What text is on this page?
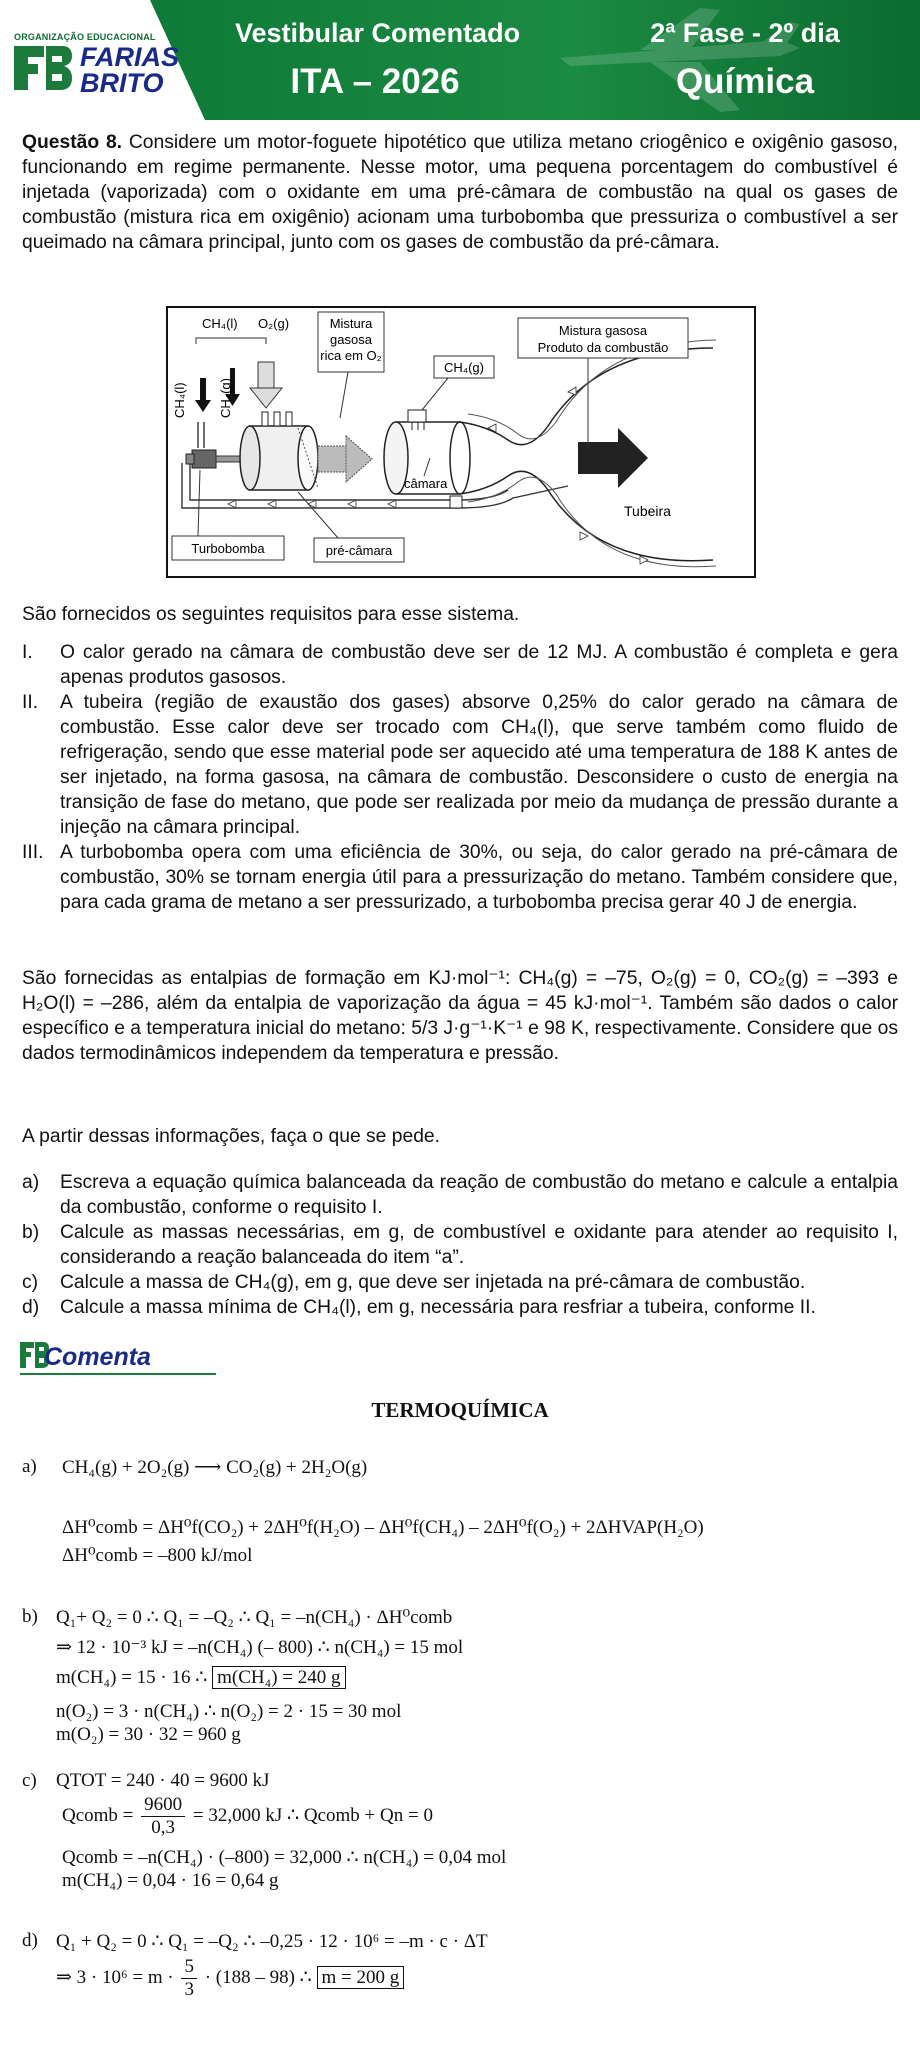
ORGANIZAÇÃO EDUCACIONAL
FARIAS
BRITO
Vestibular Comentado
ITA – 2026
2ª Fase - 2º dia
Química
Questão 8. Considere um motor-foguete hipotético que utiliza metano criogênico e oxigênio gasoso, funcionando em regime permanente. Nesse motor, uma pequena porcentagem do combustível é injetada (vaporizada) com o oxidante em uma pré-câmara de combustão na qual os gases de combustão (mistura rica em oxigênio) acionam uma turbobomba que pressuriza o combustível a ser queimado na câmara principal, junto com os gases de combustão da pré-câmara.
CH₄(l) O₂(g)
CH₄(l) CH₄(g)
Mistura
gasosa
rica em O₂
CH₄(g)
Mistura gasosa
Produto da combustão
câmara
Tubeira
Turbobomba	pré-câmara
São fornecidos os seguintes requisitos para esse sistema.
I. O calor gerado na câmara de combustão deve ser de 12 MJ. A combustão é completa e gera apenas produtos gasosos.
II. A tubeira (região de exaustão dos gases) absorve 0,25% do calor gerado na câmara de combustão. Esse calor deve ser trocado com CH₄(l), que serve também como fluido de refrigeração, sendo que esse material pode ser aquecido até uma temperatura de 188 K antes de ser injetado, na forma gasosa, na câmara de combustão. Desconsidere o custo de energia na transição de fase do metano, que pode ser realizada por meio da mudança de pressão durante a injeção na câmara principal.
III. A turbobomba opera com uma eficiência de 30%, ou seja, do calor gerado na pré-câmara de combustão, 30% se tornam energia útil para a pressurização do metano. Também considere que, para cada grama de metano a ser pressurizado, a turbobomba precisa gerar 40 J de energia.
São fornecidas as entalpias de formação em KJ·mol⁻¹: CH₄(g) = –75, O₂(g) = 0, CO₂(g) = –393 e H₂O(l) = –286, além da entalpia de vaporização da água = 45 kJ·mol⁻¹. Também são dados o calor específico e a temperatura inicial do metano: 5/3 J·g⁻¹·K⁻¹ e 98 K, respectivamente. Considere que os dados termodinâmicos independem da temperatura e pressão.
A partir dessas informações, faça o que se pede.
a) Escreva a equação química balanceada da reação de combustão do metano e calcule a entalpia da combustão, conforme o requisito I.
b) Calcule as massas necessárias, em g, de combustível e oxidante para atender ao requisito I, considerando a reação balanceada do item “a”.
c) Calcule a massa de CH₄(g), em g, que deve ser injetada na pré-câmara de combustão.
d) Calcule a massa mínima de CH₄(l), em g, necessária para resfriar a tubeira, conforme II.
Comenta
TERMOQUÍMICA
a) CH₄(g) + 2O₂(g) ⟶ CO₂(g) + 2H₂O(g)
ΔH⁰comb = ΔH⁰f(CO₂) + 2ΔH⁰f(H₂O) – ΔH⁰f(CH₄) – 2ΔH⁰f(O₂) + 2ΔHVAP(H₂O)
ΔH⁰comb = –800 kJ/mol
b) Q₁+ Q₂ = 0 ∴ Q₁ = –Q₂ ∴ Q₁ = –n(CH₄) · ΔH⁰comb
⇒ 12 · 10⁻³ kJ = –n(CH₄) (– 800) ∴ n(CH₄) = 15 mol
m(CH₄) = 15 · 16 ∴ m(CH₄) = 240 g
n(O₂) = 3 · n(CH₄) ∴ n(O₂) = 2 · 15 = 30 mol
m(O₂) = 30 · 32 = 960 g
c) QTOT = 240 · 40 = 9600 kJ
Qcomb = $\frac{9600}{0,3} = 32,000$ kJ ∴ Qcomb + Qn = 0
Qcomb = –n(CH₄) · (–800) = 32,000 ∴ n(CH₄) = 0,04 mol
m(CH₄) = 0,04 · 16 = 0,64 g
d) Q₁ + Q₂ = 0 ∴ Q₁ = –Q₂ ∴ –0,25 · 12 · 10⁶ = –m · c · ΔT
⇒ $3 \cdot 10^6 = m \cdot \frac{5}{3} \cdot (188 - 98)$ ∴ m = 200 g
